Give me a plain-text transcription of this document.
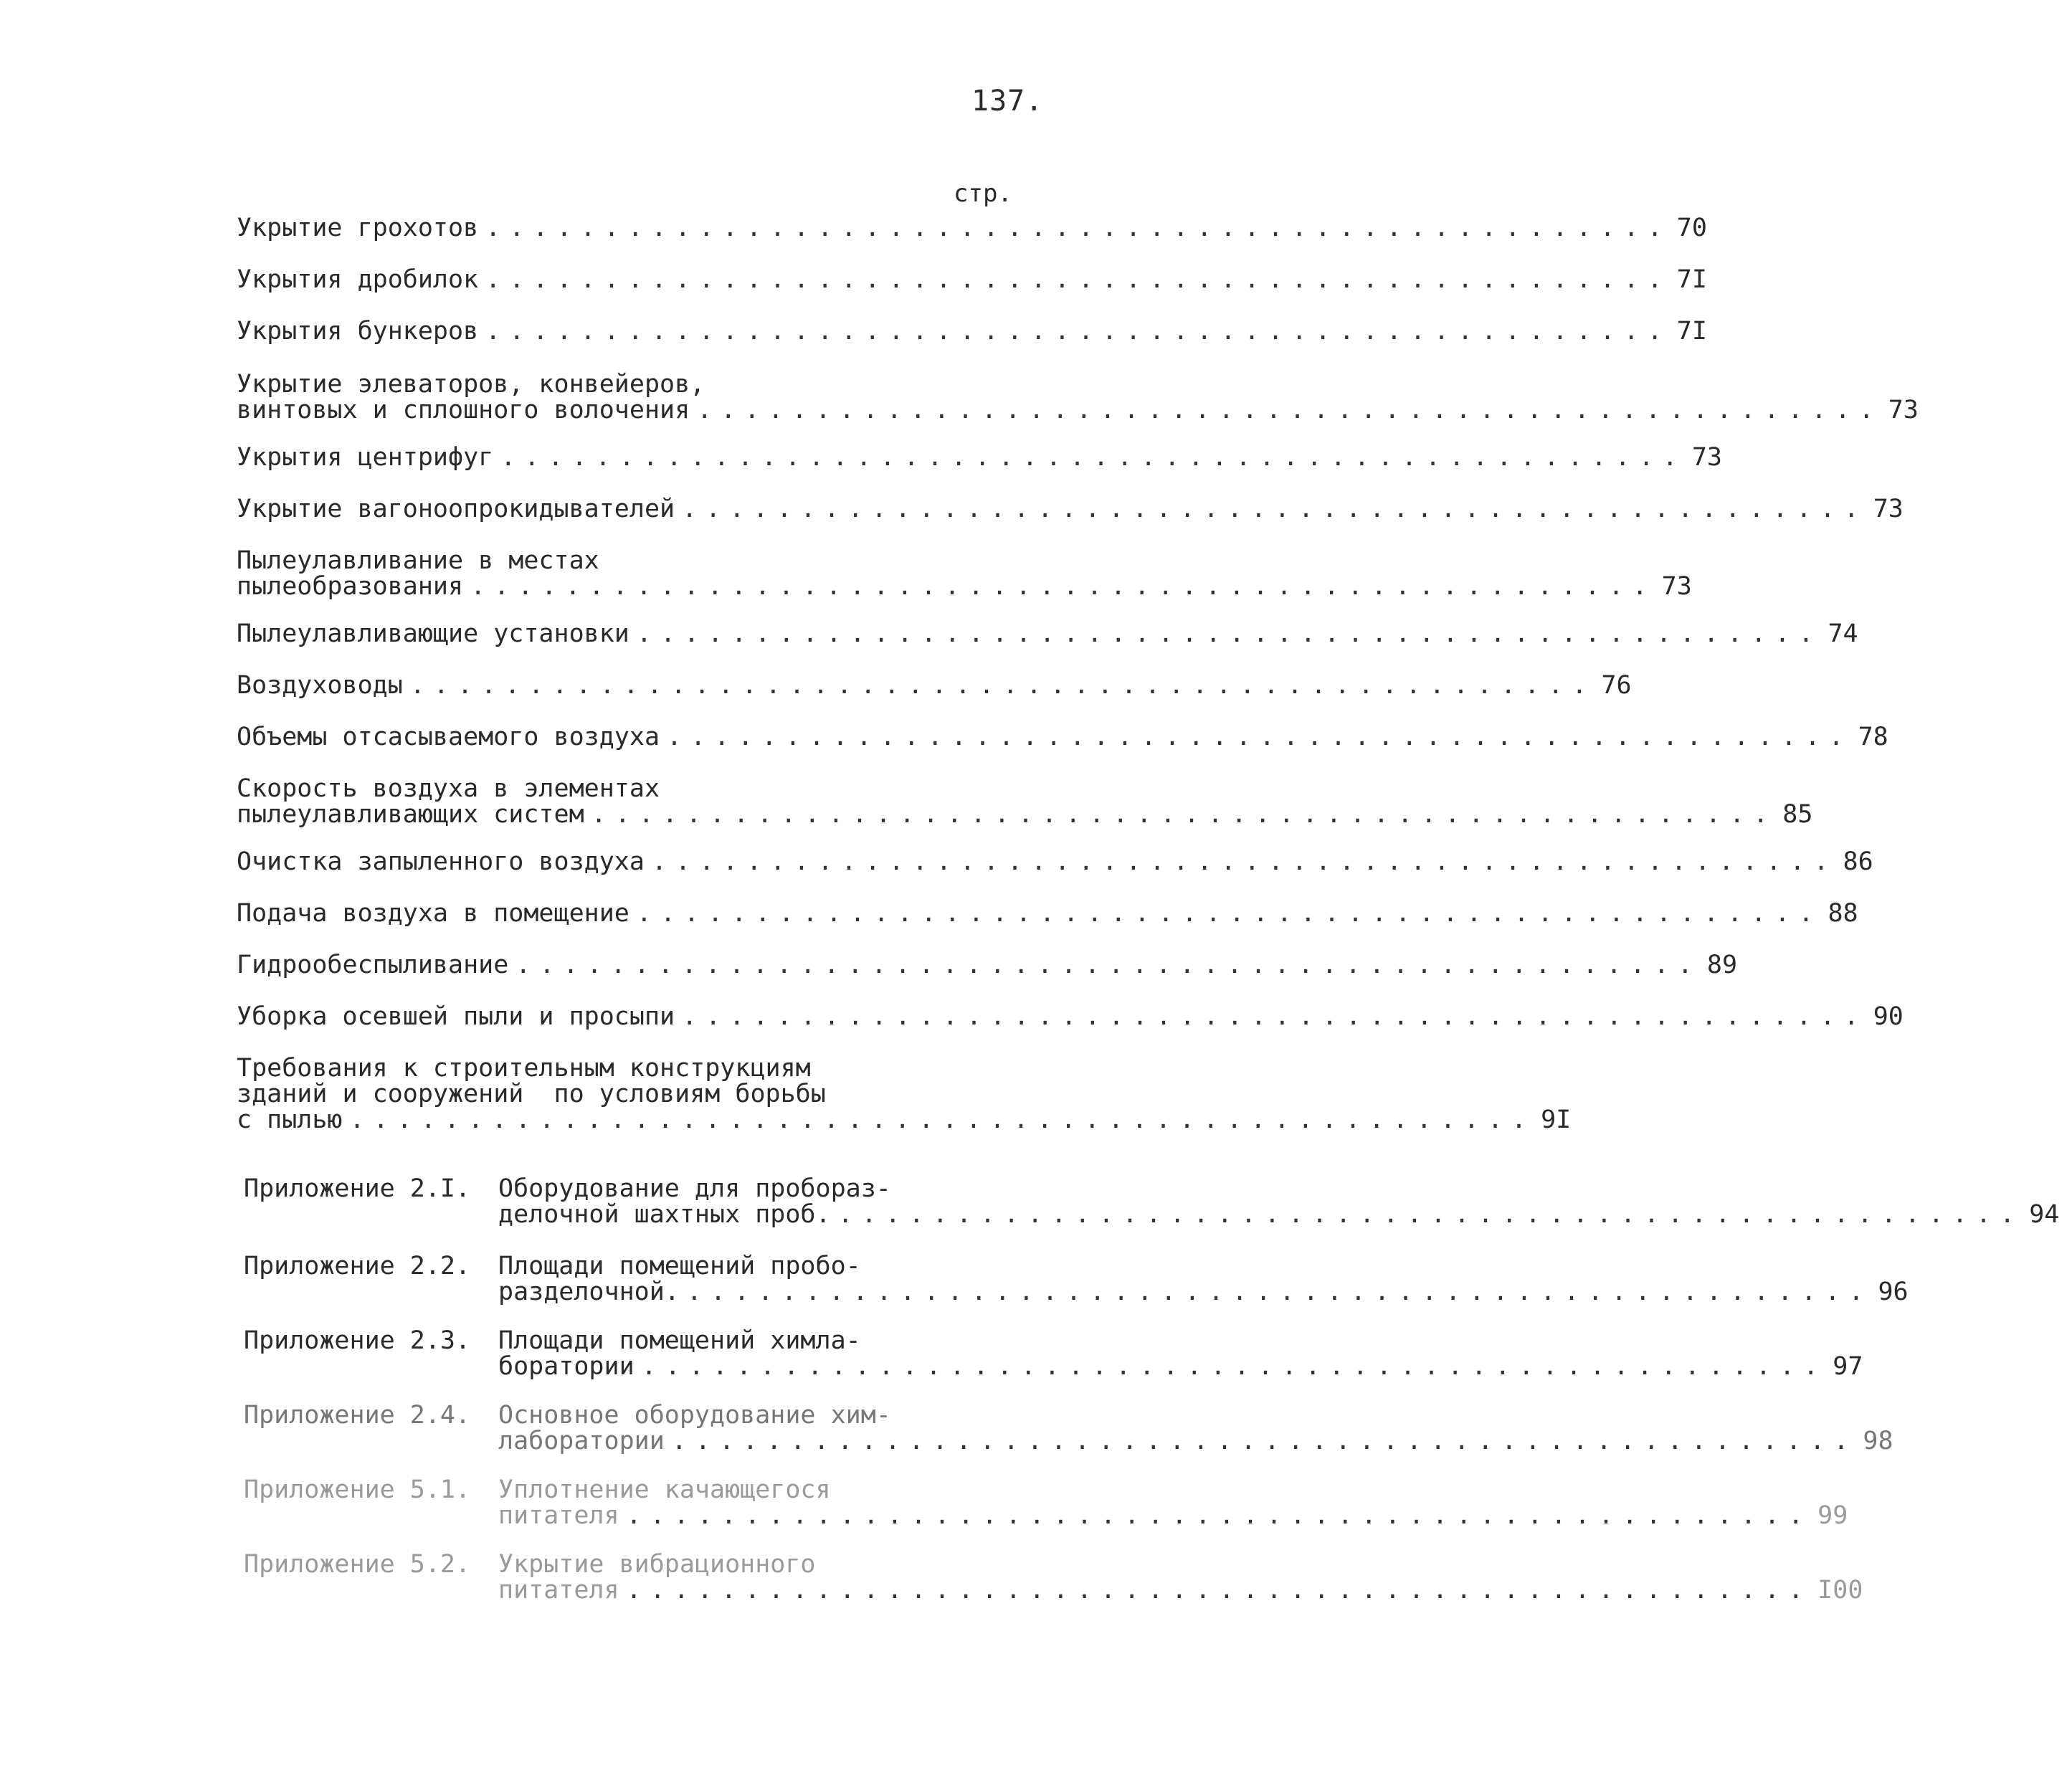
137.
стр.
Укрытие грохотов .................................................. 70
Укрытия дробилок .................................................. 7I
Укрытия бункеров .................................................. 7I
Укрытие элеваторов, конвейеров,
винтовых и сплошного волочения .................................................. 73
Укрытия центрифуг .................................................. 73
Укрытие вагоноопрокидывателей .................................................. 73
Пылеулавливание в местах
пылеобразования .................................................. 73
Пылеулавливающие установки .................................................. 74
Воздуховоды .................................................. 76
Объемы отсасываемого воздуха .................................................. 78
Скорость воздуха в элементах
пылеулавливающих систем .................................................. 85
Очистка запыленного воздуха .................................................. 86
Подача воздуха в помещение .................................................. 88
Гидрообеспыливание .................................................. 89
Уборка осевшей пыли и просыпи .................................................. 90
Требования к строительным конструкциям
зданий и сооружений  по условиям борьбы
с пылью .................................................. 9I
Приложение 2.I.	Оборудование для пробораз-
делочной шахтных проб. .................................................. 94
Приложение 2.2.	Площади помещений пробо-
разделочной. .................................................. 96
Приложение 2.3.	Площади помещений химла-
боратории .................................................. 97
Приложение 2.4.	Основное оборудование хим-
лаборатории .................................................. 98
Приложение 5.1.	Уплотнение качающегося
питателя .................................................. 99
Приложение 5.2.	Укрытие вибрационного
питателя .................................................. I00
